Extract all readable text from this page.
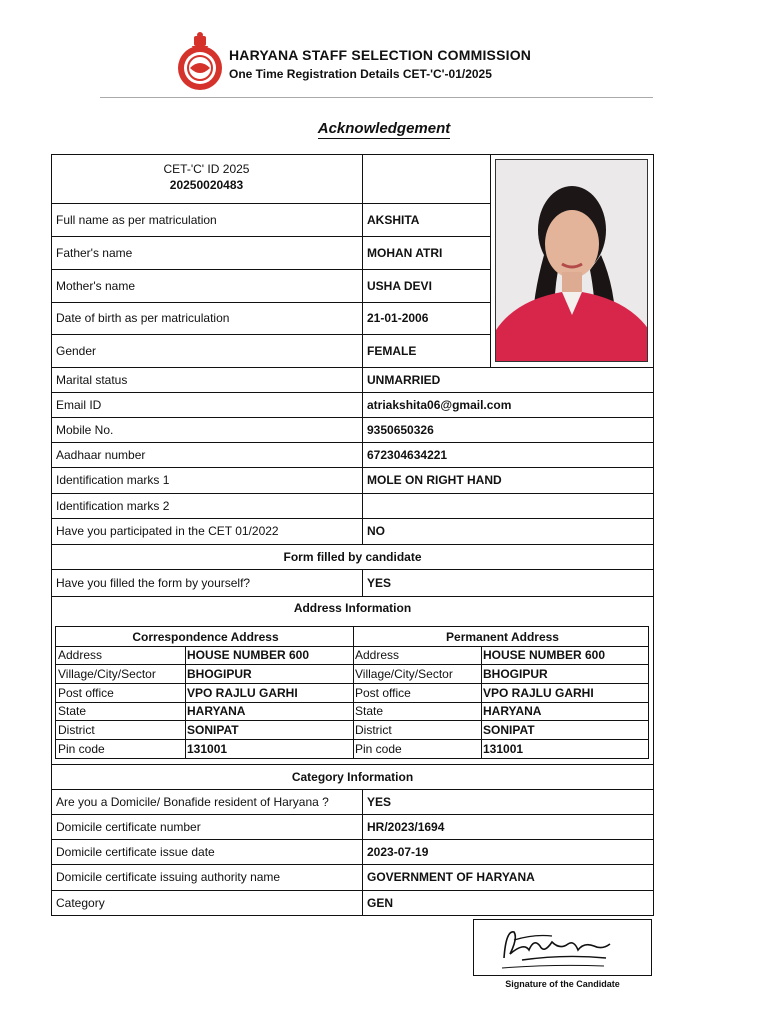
HARYANA STAFF SELECTION COMMISSION
One Time Registration Details CET-'C'-01/2025
Acknowledgement
CET-'C' ID 2025
20250020483
Full name as per matriculation	AKSHITA
Father's name	MOHAN ATRI
Mother's name	USHA DEVI
Date of birth as per matriculation	21-01-2006
Gender	FEMALE
Marital status	UNMARRIED
Email ID	atriakshita06@gmail.com
Mobile No.	9350650326
Aadhaar number	672304634221
Identification marks 1	MOLE ON RIGHT HAND
Identification marks 2
Have you participated in the CET 01/2022	NO
Form filled by candidate
Have you filled the form by yourself?	YES
Address Information
Correspondence Address	Permanent Address
Address	HOUSE NUMBER 600	Address	HOUSE NUMBER 600
Village/City/Sector	BHOGIPUR	Village/City/Sector	BHOGIPUR
Post office	VPO RAJLU GARHI	Post office	VPO RAJLU GARHI
State	HARYANA	State	HARYANA
District	SONIPAT	District	SONIPAT
Pin code	131001	Pin code	131001
Category Information
Are you a Domicile/ Bonafide resident of Haryana ?	YES
Domicile certificate number	HR/2023/1694
Domicile certificate issue date	2023-07-19
Domicile certificate issuing authority name	GOVERNMENT OF HARYANA
Category	GEN
Signature of the Candidate
